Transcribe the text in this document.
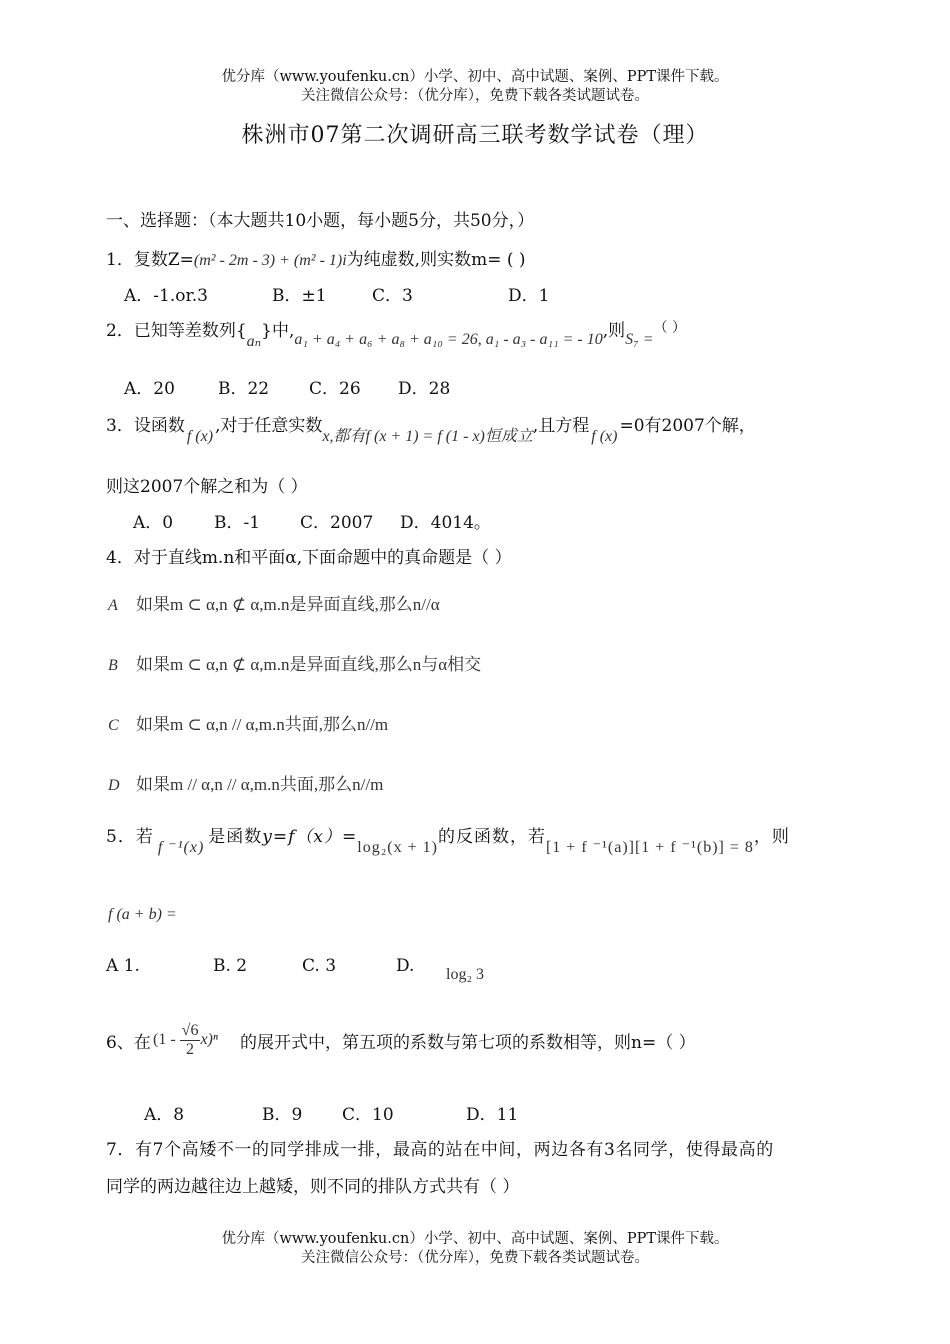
优分库（www.youfenku.cn）小学、初中、高中试题、案例、PPT课件下载。
关注微信公众号：（优分库），免费下载各类试题试卷。
株洲市07第二次调研高三联考数学试卷（理）
一、选择题：（本大题共10小题，每小题5分，共50分，）
1．复数Z=(m² - 2m - 3) + (m² - 1)i为纯虚数,则实数m= ( )
A．-1.or.3	B．±1	C．3	D．1
2．已知等差数列{aₙ}中,a₁ + a₄ + a₆ + a₈ + a₁₀ = 26, a₁ - a₃ - a₁₁ = - 10,则S₇ =（ ）
A．20	B．22 C．26 D．28
3．设函数f (x),对于任意实数x,都有f (x + 1) = f (1 - x)恒成立,且方程f (x)=0有2007个解，
则这2007个解之和为（ ）
A．0 B．-1 C．2007 D．4014。
4．对于直线m.n和平面α,下面命题中的真命题是（ ）
A 如果m ⊂ α,n ⊄ α,m.n是异面直线,那么n//α
B 如果m ⊂ α,n ⊄ α,m.n是异面直线,那么n与α相交
C 如果m ⊂ α,n // α,m.n共面,那么n//m
D 如果m // α,n // α,m.n共面,那么n//m
5．若f ⁻¹(x)是函数y=f（x）=log₂(x + 1)的反函数，若[1 + f ⁻¹(a)][1 + f ⁻¹(b)] = 8，则
f (a + b) =
A 1.	B. 2	C. 3	D. log₂ 3
6、在 $(1 - \frac{√6}{2} x)^n$ 的展开式中，第五项的系数与第七项的系数相等，则n=（ ）
A．8	B．9 C．10	D．11
7．有7个高矮不一的同学排成一排，最高的站在中间，两边各有3名同学，使得最高的
同学的两边越往边上越矮，则不同的排队方式共有（ ）
优分库（www.youfenku.cn）小学、初中、高中试题、案例、PPT课件下载。
关注微信公众号：（优分库），免费下载各类试题试卷。
